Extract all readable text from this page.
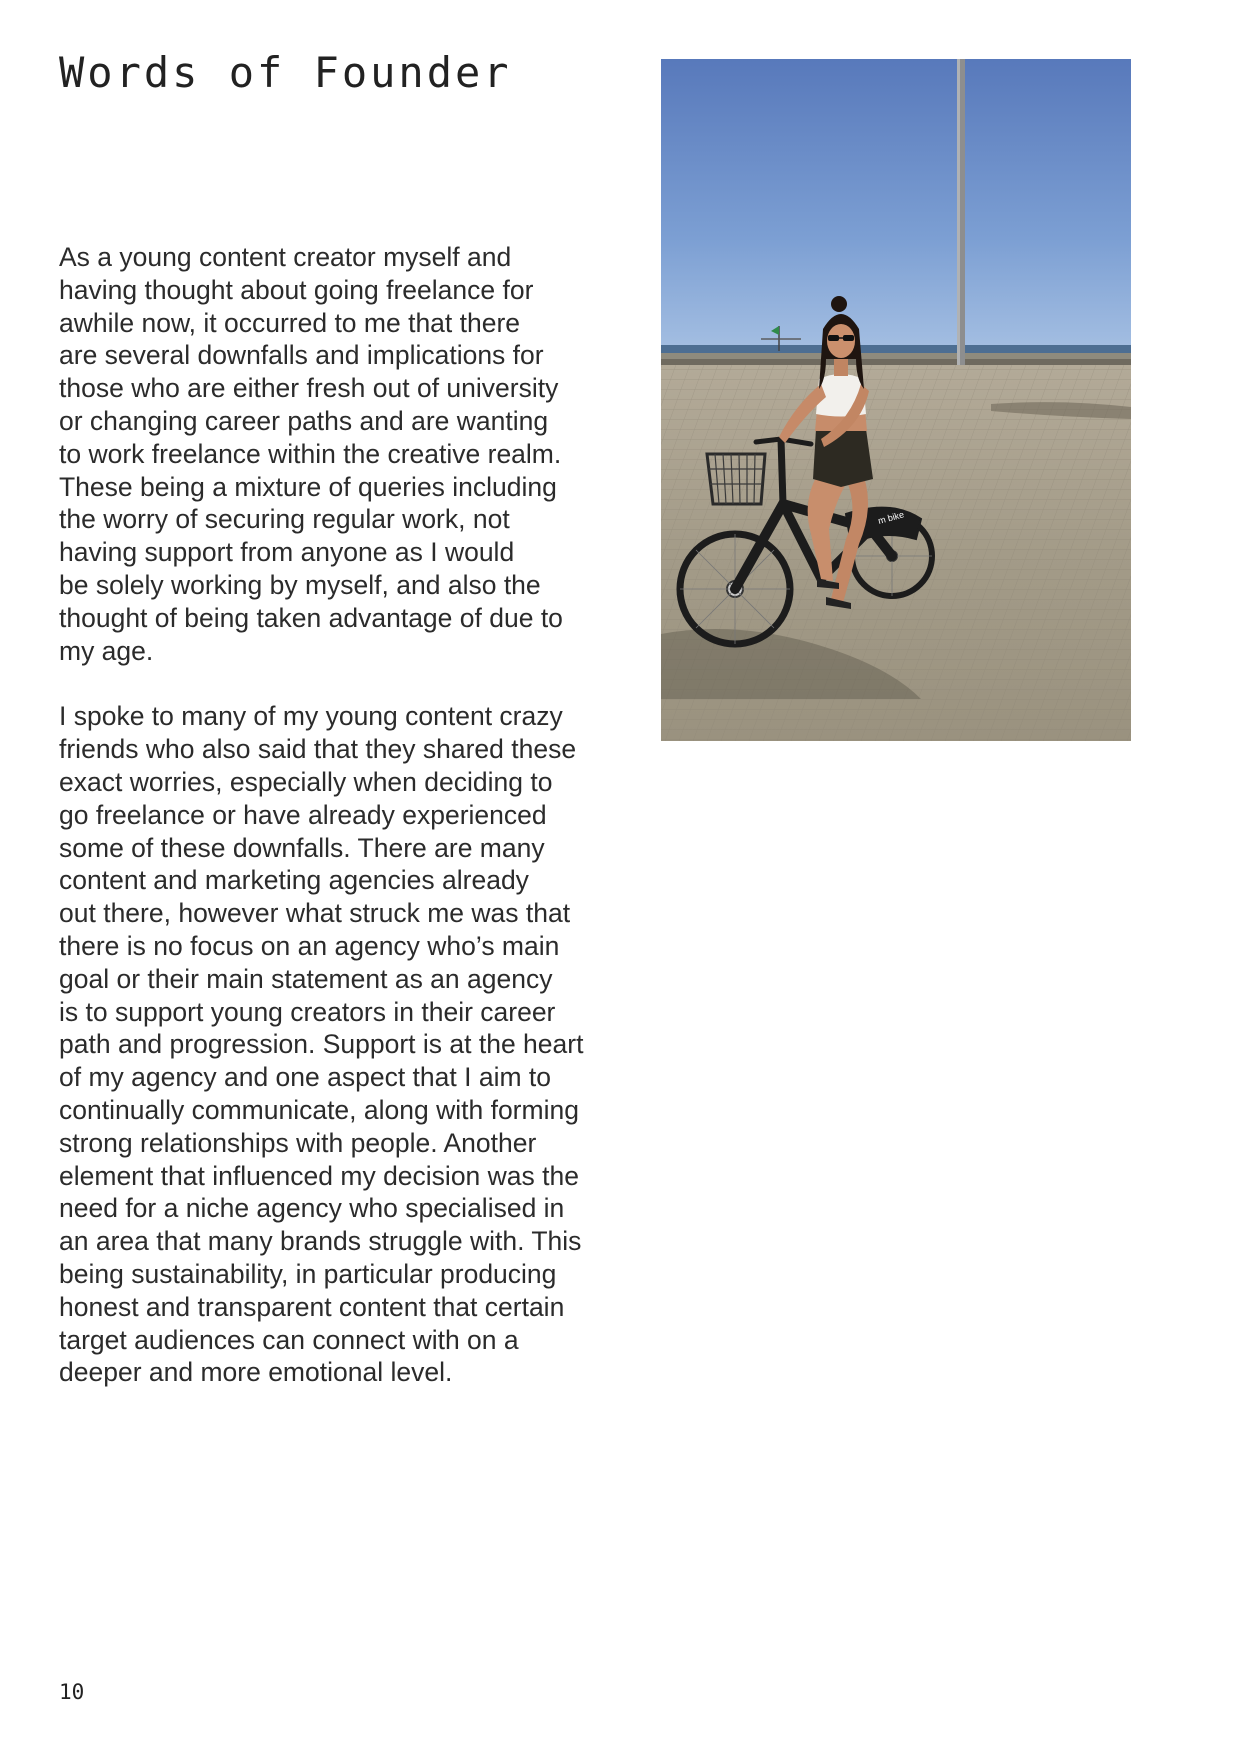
Words of Founder

As a young content creator myself and
having thought about going freelance for
awhile now, it occurred to me that there
are several downfalls and implications for
those who are either fresh out of university
or changing career paths and are wanting
to work freelance within the creative realm.
These being a mixture of queries including
the worry of securing regular work, not
having support from anyone as I would
be solely working by myself, and also the
thought of being taken advantage of due to
my age.

I spoke to many of my young content crazy
friends who also said that they shared these
exact worries, especially when deciding to
go freelance or have already experienced
some of these downfalls. There are many
content and marketing agencies already
out there, however what struck me was that
there is no focus on an agency who’s main
goal or their main statement as an agency
is to support young creators in their career
path and progression. Support is at the heart
of my agency and one aspect that I aim to
continually communicate, along with forming
strong relationships with people. Another
element that influenced my decision was the
need for a niche agency who specialised in
an area that many brands struggle with. This
being sustainability, in particular producing
honest and transparent content that certain
target audiences can connect with on a
deeper and more emotional level.

m bike
10
